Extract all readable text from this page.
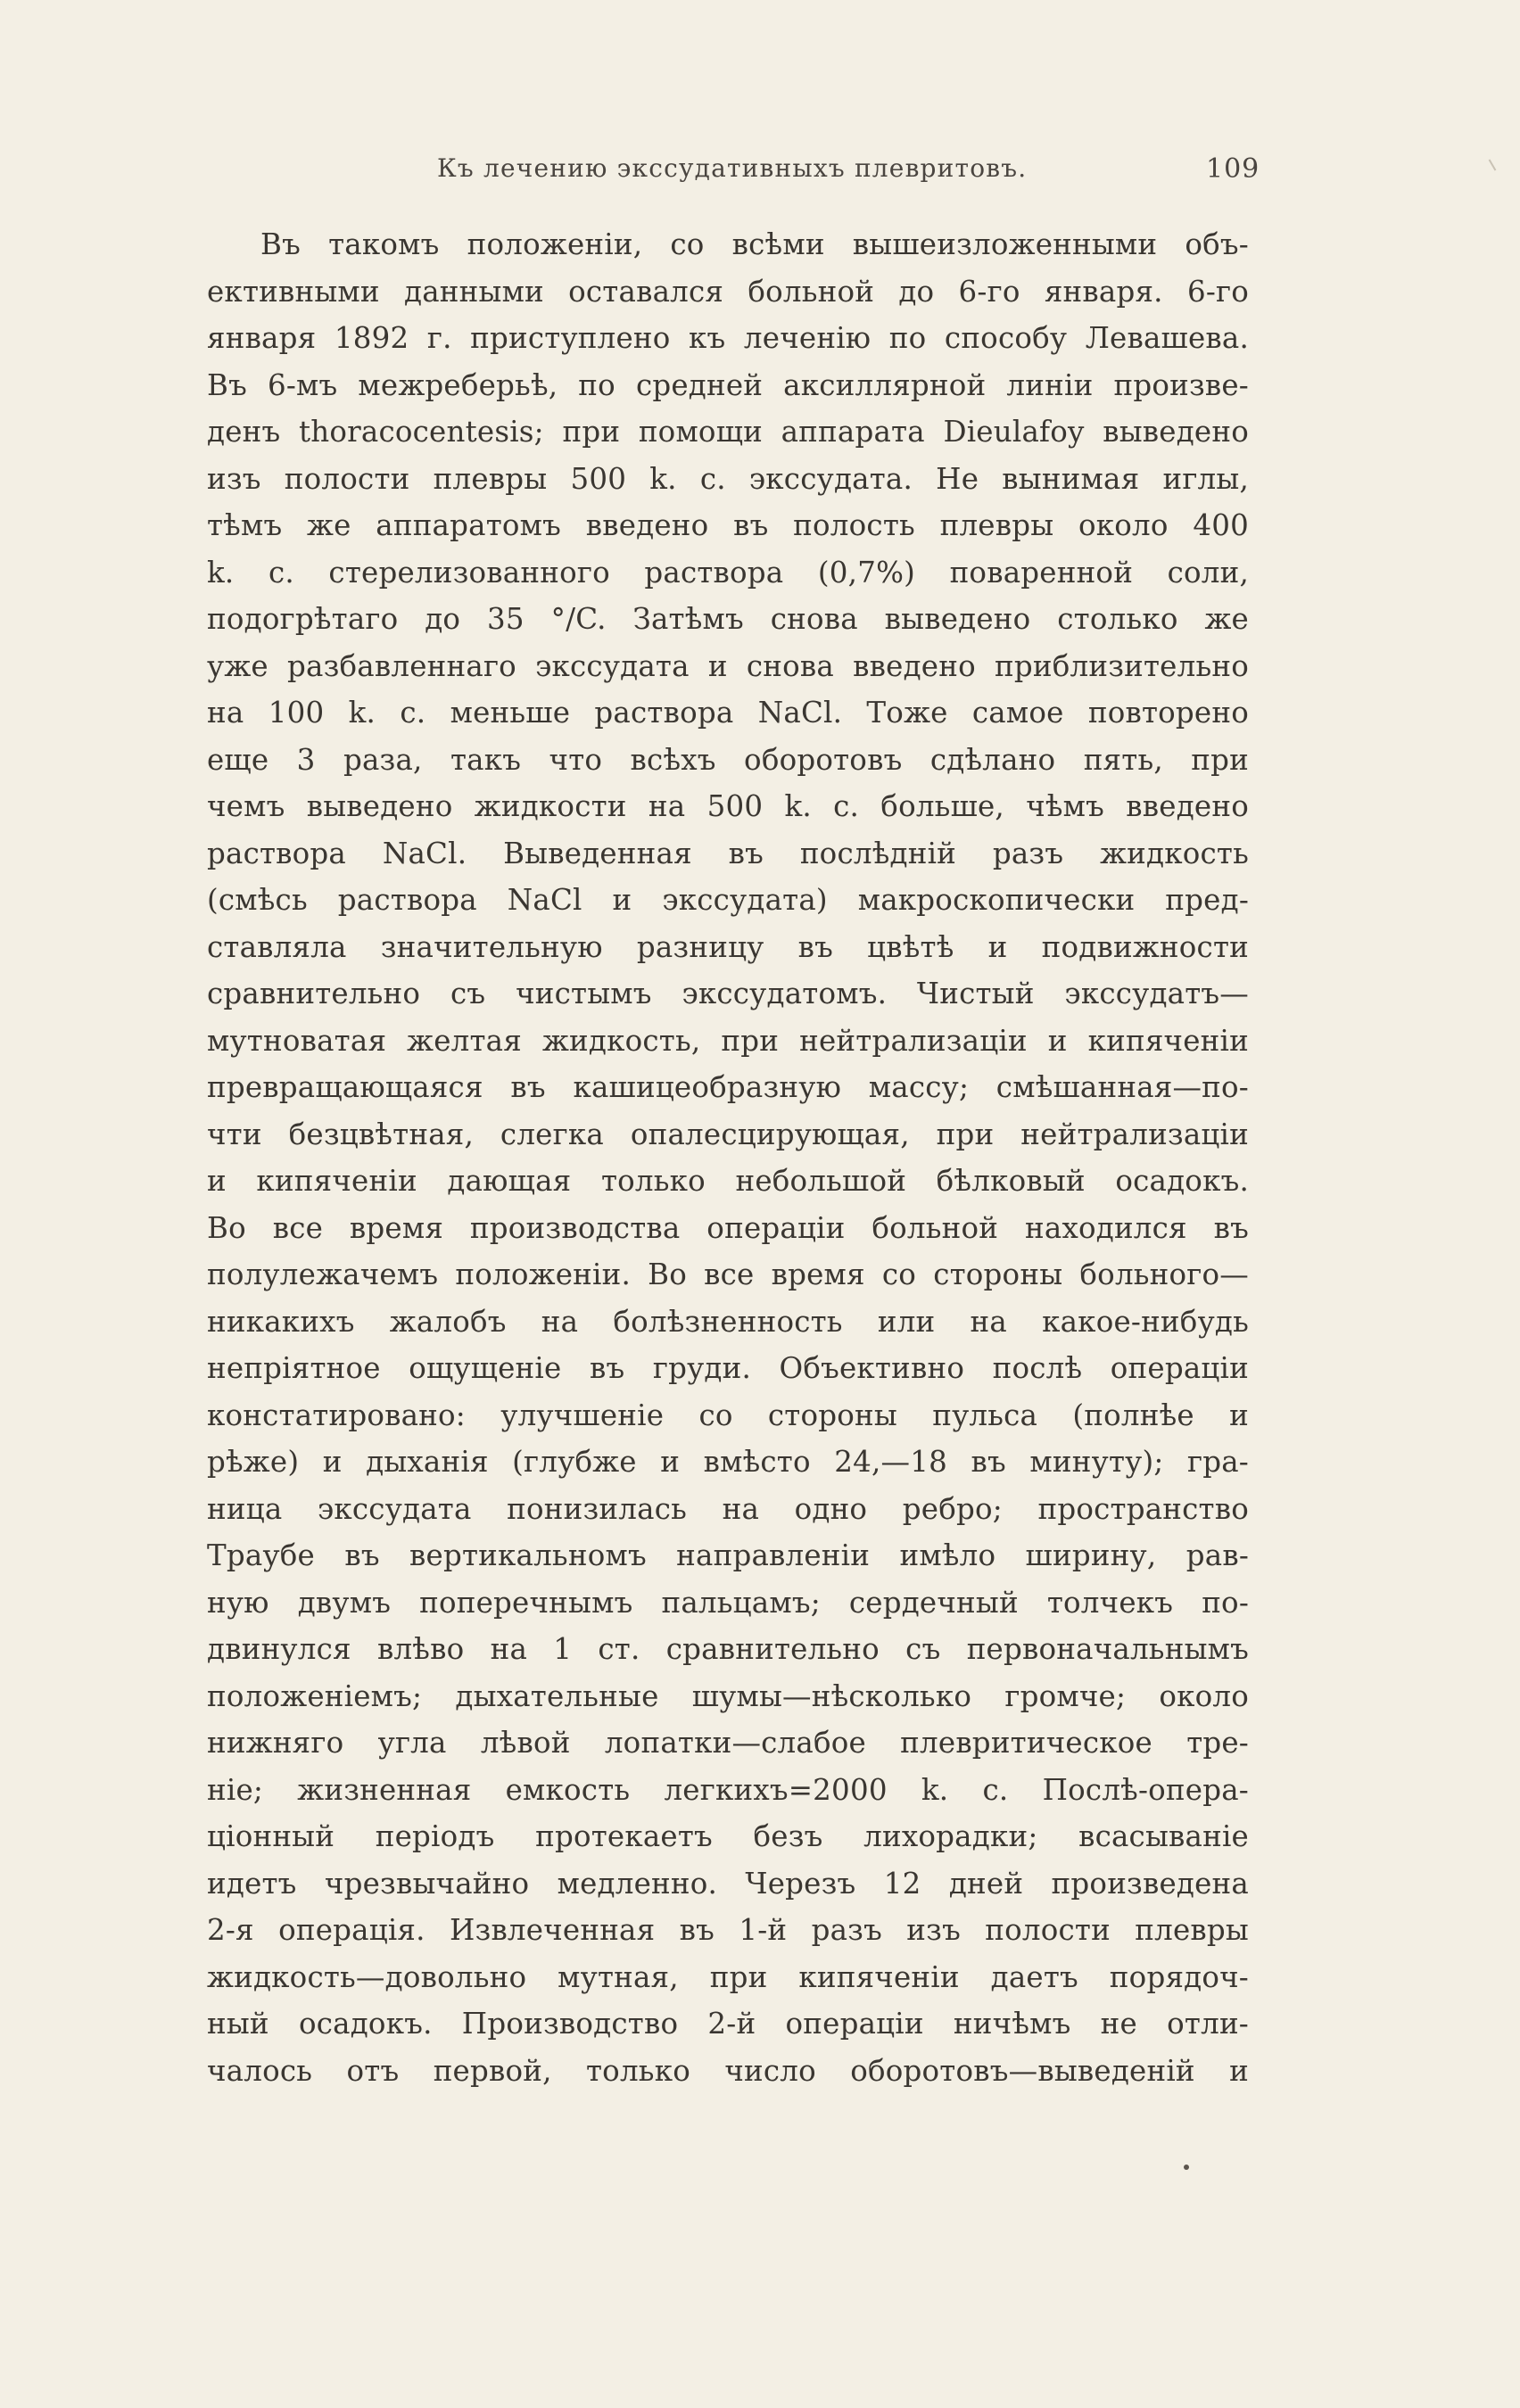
Къ лечению экссудативныхъ плевритовъ.	109
Въ такомъ положеніи, со всѣми вышеизложенными объ-
ективными данными оставался больной до 6-го января. 6-го
января 1892 г. приступлено къ леченію по способу Левашева.
Въ 6-мъ межреберьѣ, по средней аксиллярной линіи произве-
денъ thoracocentesis; при помощи аппарата Dieulafoy выведено
изъ полости плевры 500 k. c. экссудата. Не вынимая иглы,
тѣмъ же аппаратомъ введено въ полость плевры около 400
k. c. стерелизованного раствора (0,7%) поваренной соли,
подогрѣтаго до 35 °/C. Затѣмъ снова выведено столько же
уже разбавленнаго экссудата и снова введено приблизительно
на 100 k. c. меньше раствора NaCl. Тоже самое повторено
еще 3 раза, такъ что всѣхъ оборотовъ сдѣлано пять, при
чемъ выведено жидкости на 500 k. c. больше, чѣмъ введено
раствора NaCl. Выведенная въ послѣдній разъ жидкость
(смѣсь раствора NaCl и экссудата) макроскопически пред-
ставляла значительную разницу въ цвѣтѣ и подвижности
сравнительно съ чистымъ экссудатомъ. Чистый экссудатъ—
мутноватая желтая жидкость, при нейтрализаціи и кипяченіи
превращающаяся въ кашицеобразную массу; смѣшанная—по-
чти безцвѣтная, слегка опалесцирующая, при нейтрализаціи
и кипяченіи дающая только небольшой бѣлковый осадокъ.
Во все время производства операціи больной находился въ
полулежачемъ положеніи. Во все время со стороны больного—
никакихъ жалобъ на болѣзненность или на какое-нибудь
непріятное ощущеніе въ груди. Объективно послѣ операціи
констатировано: улучшеніе со стороны пульса (полнѣе и
рѣже) и дыханія (глубже и вмѣсто 24,—18 въ минуту); гра-
ница экссудата понизилась на одно ребро; пространство
Траубе въ вертикальномъ направленіи имѣло ширину, рав-
ную двумъ поперечнымъ пальцамъ; сердечный толчекъ по-
двинулся влѣво на 1 ст. сравнительно съ первоначальнымъ
положеніемъ; дыхательные шумы—нѣсколько громче; около
нижняго угла лѣвой лопатки—слабое плевритическое тре-
ніе; жизненная емкость легкихъ=2000 k. c. Послѣ-опера-
ціонный періодъ протекаетъ безъ лихорадки; всасываніе
идетъ чрезвычайно медленно. Черезъ 12 дней произведена
2-я операція. Извлеченная въ 1-й разъ изъ полости плевры
жидкость—довольно мутная, при кипяченіи даетъ порядоч-
ный осадокъ. Производство 2-й операціи ничѣмъ не отли-
чалось отъ первой, только число оборотовъ—выведеній и
